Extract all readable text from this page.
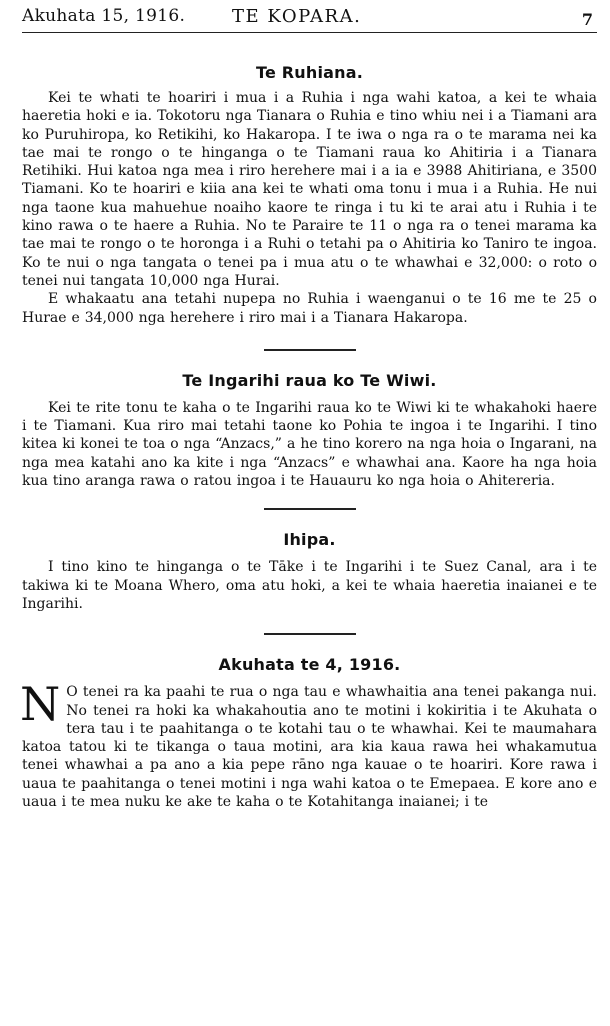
Akuhata 15, 1916.	TE KOPARA.	7
Te Ruhiana.

Kei te whati te hoariri i mua i a Ruhia i nga wahi katoa, a kei te whaia haeretia hoki e ia. Tokotoru nga Tianara o Ruhia e tino whiu nei i a Tiamani ara ko Puruhiropa, ko Retikihi, ko Hakaropa. I te iwa o nga ra o te marama nei ka tae mai te rongo o te hinganga o te Tiamani raua ko Ahitiria i a Tianara Retihiki. Hui katoa nga mea i riro herehere mai i a ia e 3988 Ahitiriana, e 3500 Tiamani. Ko te hoariri e kiia ana kei te whati oma tonu i mua i a Ruhia. He nui nga taone kua mahuehue noaiho kaore te ringa i tu ki te arai atu i Ruhia i te kino rawa o te haere a Ruhia. No te Paraire te 11 o nga ra o tenei marama ka tae mai te rongo o te horonga i a Ruhi o tetahi pa o Ahitiria ko Taniro te ingoa. Ko te nui o nga tangata o tenei pa i mua atu o te whawhai e 32,000: o roto o tenei nui tangata 10,000 nga Hurai.

E whakaatu ana tetahi nupepa no Ruhia i waenganui o te 16 me te 25 o Hurae e 34,000 nga herehere i riro mai i a Tianara Hakaropa.

Te Ingarihi raua ko Te Wiwi.

Kei te rite tonu te kaha o te Ingarihi raua ko te Wiwi ki te whakahoki haere i te Tiamani. Kua riro mai tetahi taone ko Pohia te ingoa i te Ingarihi. I tino kitea ki konei te toa o nga “Anzacs,” a he tino korero na nga hoia o Ingarani, na nga mea katahi ano ka kite i nga “Anzacs” e whawhai ana. Kaore ha nga hoia kua tino aranga rawa o ratou ingoa i te Hauauru ko nga hoia o Ahitereria.

Ihipa.

I tino kino te hinganga o te Tāke i te Ingarihi i te Suez Canal, ara i te takiwa ki te Moana Whero, oma atu hoki, a kei te whaia haeretia inaianei e te Ingarihi.

Akuhata te 4, 1916.
N O tenei ra ka paahi te rua o nga tau e whawhaitia ana tenei pakanga nui. No tenei ra hoki ka whakahoutia ano te motini i kokiritia i te Akuhata o tera tau i te paahitanga o te kotahi tau o te whawhai. Kei te maumahara katoa tatou ki te tikanga o taua motini, ara kia kaua rawa hei whakamutua tenei whawhai a pa ano a kia pepe rāno nga kauae o te hoariri. Kore rawa i uaua te paahitanga o tenei motini i nga wahi katoa o te Emepaea. E kore ano e uaua i te mea nuku ke ake te kaha o te Kotahitanga inaianei; i te
